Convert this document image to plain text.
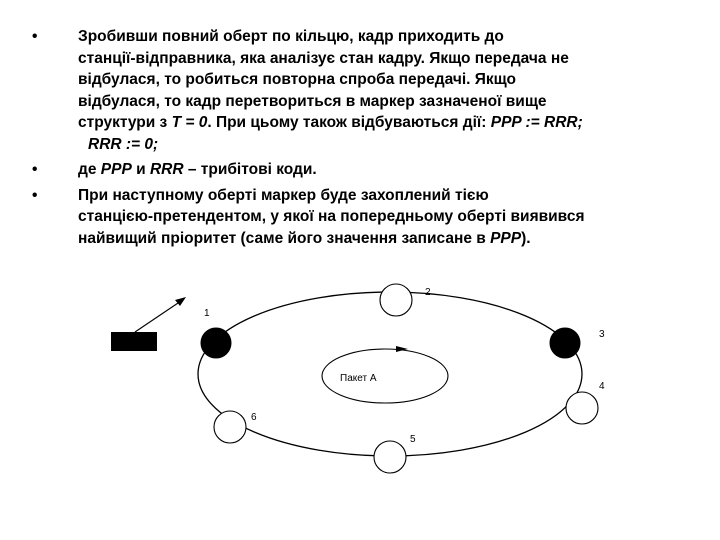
•	Зробивши повний оберт по кільцю, кадр приходить до
станції-відправника, яка аналізує стан кадру. Якщо передача не
відбулася, то робиться повторна спроба передачі. Якщо
відбулася, то кадр перетвориться в маркер зазначеної вище
структури з T = 0. При цьому також відбуваються дії: PPP := RRR;
RRR := 0;
•	де PPP и RRR – трибітові коди.
•	При наступному оберті маркер буде захоплений тією
станцією-претендентом, у якої на попередньому оберті виявився
найвищий пріоритет (саме його значення записане в PPP).
Пакет А
1
2
3
4
5
6
